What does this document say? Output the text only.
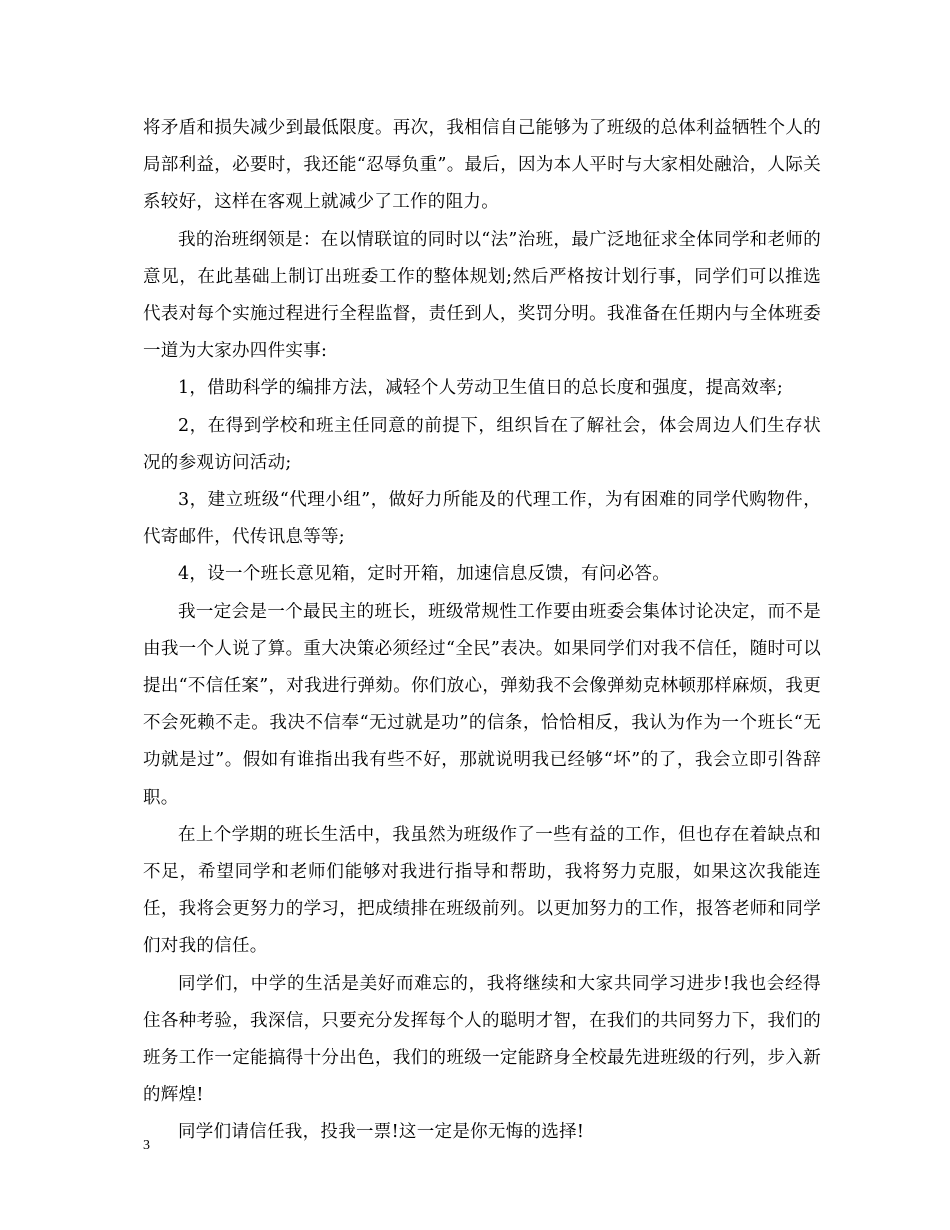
将矛盾和损失减少到最低限度。再次，我相信自己能够为了班级的总体利益牺牲个人的局部利益，必要时，我还能“忍辱负重”。最后，因为本人平时与大家相处融洽，人际关系较好，这样在客观上就减少了工作的阻力。

我的治班纲领是：在以情联谊的同时以“法”治班，最广泛地征求全体同学和老师的意见，在此基础上制订出班委工作的整体规划;然后严格按计划行事，同学们可以推选代表对每个实施过程进行全程监督，责任到人，奖罚分明。我准备在任期内与全体班委一道为大家办四件实事:

1，借助科学的编排方法，减轻个人劳动卫生值日的总长度和强度，提高效率;

2，在得到学校和班主任同意的前提下，组织旨在了解社会，体会周边人们生存状况的参观访问活动;

3，建立班级“代理小组”，做好力所能及的代理工作，为有困难的同学代购物件，代寄邮件，代传讯息等等;

4，设一个班长意见箱，定时开箱，加速信息反馈，有问必答。

我一定会是一个最民主的班长，班级常规性工作要由班委会集体讨论决定，而不是由我一个人说了算。重大决策必须经过“全民”表决。如果同学们对我不信任，随时可以提出“不信任案”，对我进行弹劾。你们放心，弹劾我不会像弹劾克林顿那样麻烦，我更不会死赖不走。我决不信奉“无过就是功”的信条，恰恰相反，我认为作为一个班长“无功就是过”。假如有谁指出我有些不好，那就说明我已经够“坏”的了，我会立即引咎辞职。

在上个学期的班长生活中，我虽然为班级作了一些有益的工作，但也存在着缺点和不足，希望同学和老师们能够对我进行指导和帮助，我将努力克服，如果这次我能连任，我将会更努力的学习，把成绩排在班级前列。以更加努力的工作，报答老师和同学们对我的信任。

同学们，中学的生活是美好而难忘的，我将继续和大家共同学习进步!我也会经得住各种考验，我深信，只要充分发挥每个人的聪明才智，在我们的共同努力下，我们的班务工作一定能搞得十分出色，我们的班级一定能跻身全校最先进班级的行列，步入新的辉煌!

同学们请信任我，投我一票!这一定是你无悔的选择!

3
